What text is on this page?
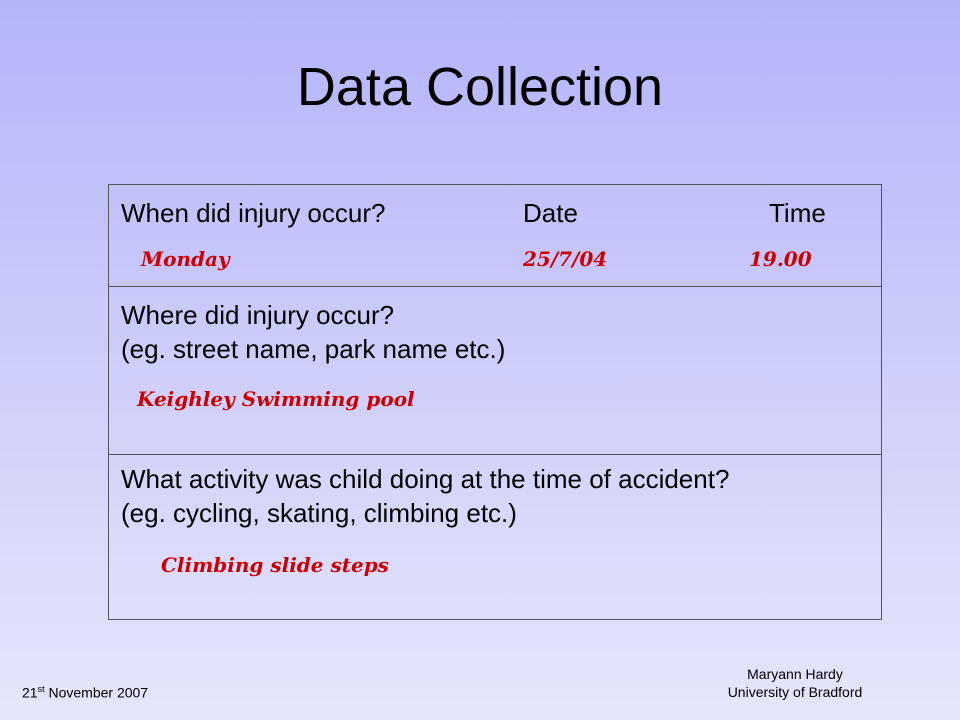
Data Collection
When did injury occur?	Date	Time
Monday	25/7/04	19.00
Where did injury occur?
(eg. street name, park name etc.)
Keighley Swimming pool
What activity was child doing at the time of accident?
(eg. cycling, skating, climbing etc.)
Climbing slide steps
21st November 2007
Maryann Hardy
University of Bradford
